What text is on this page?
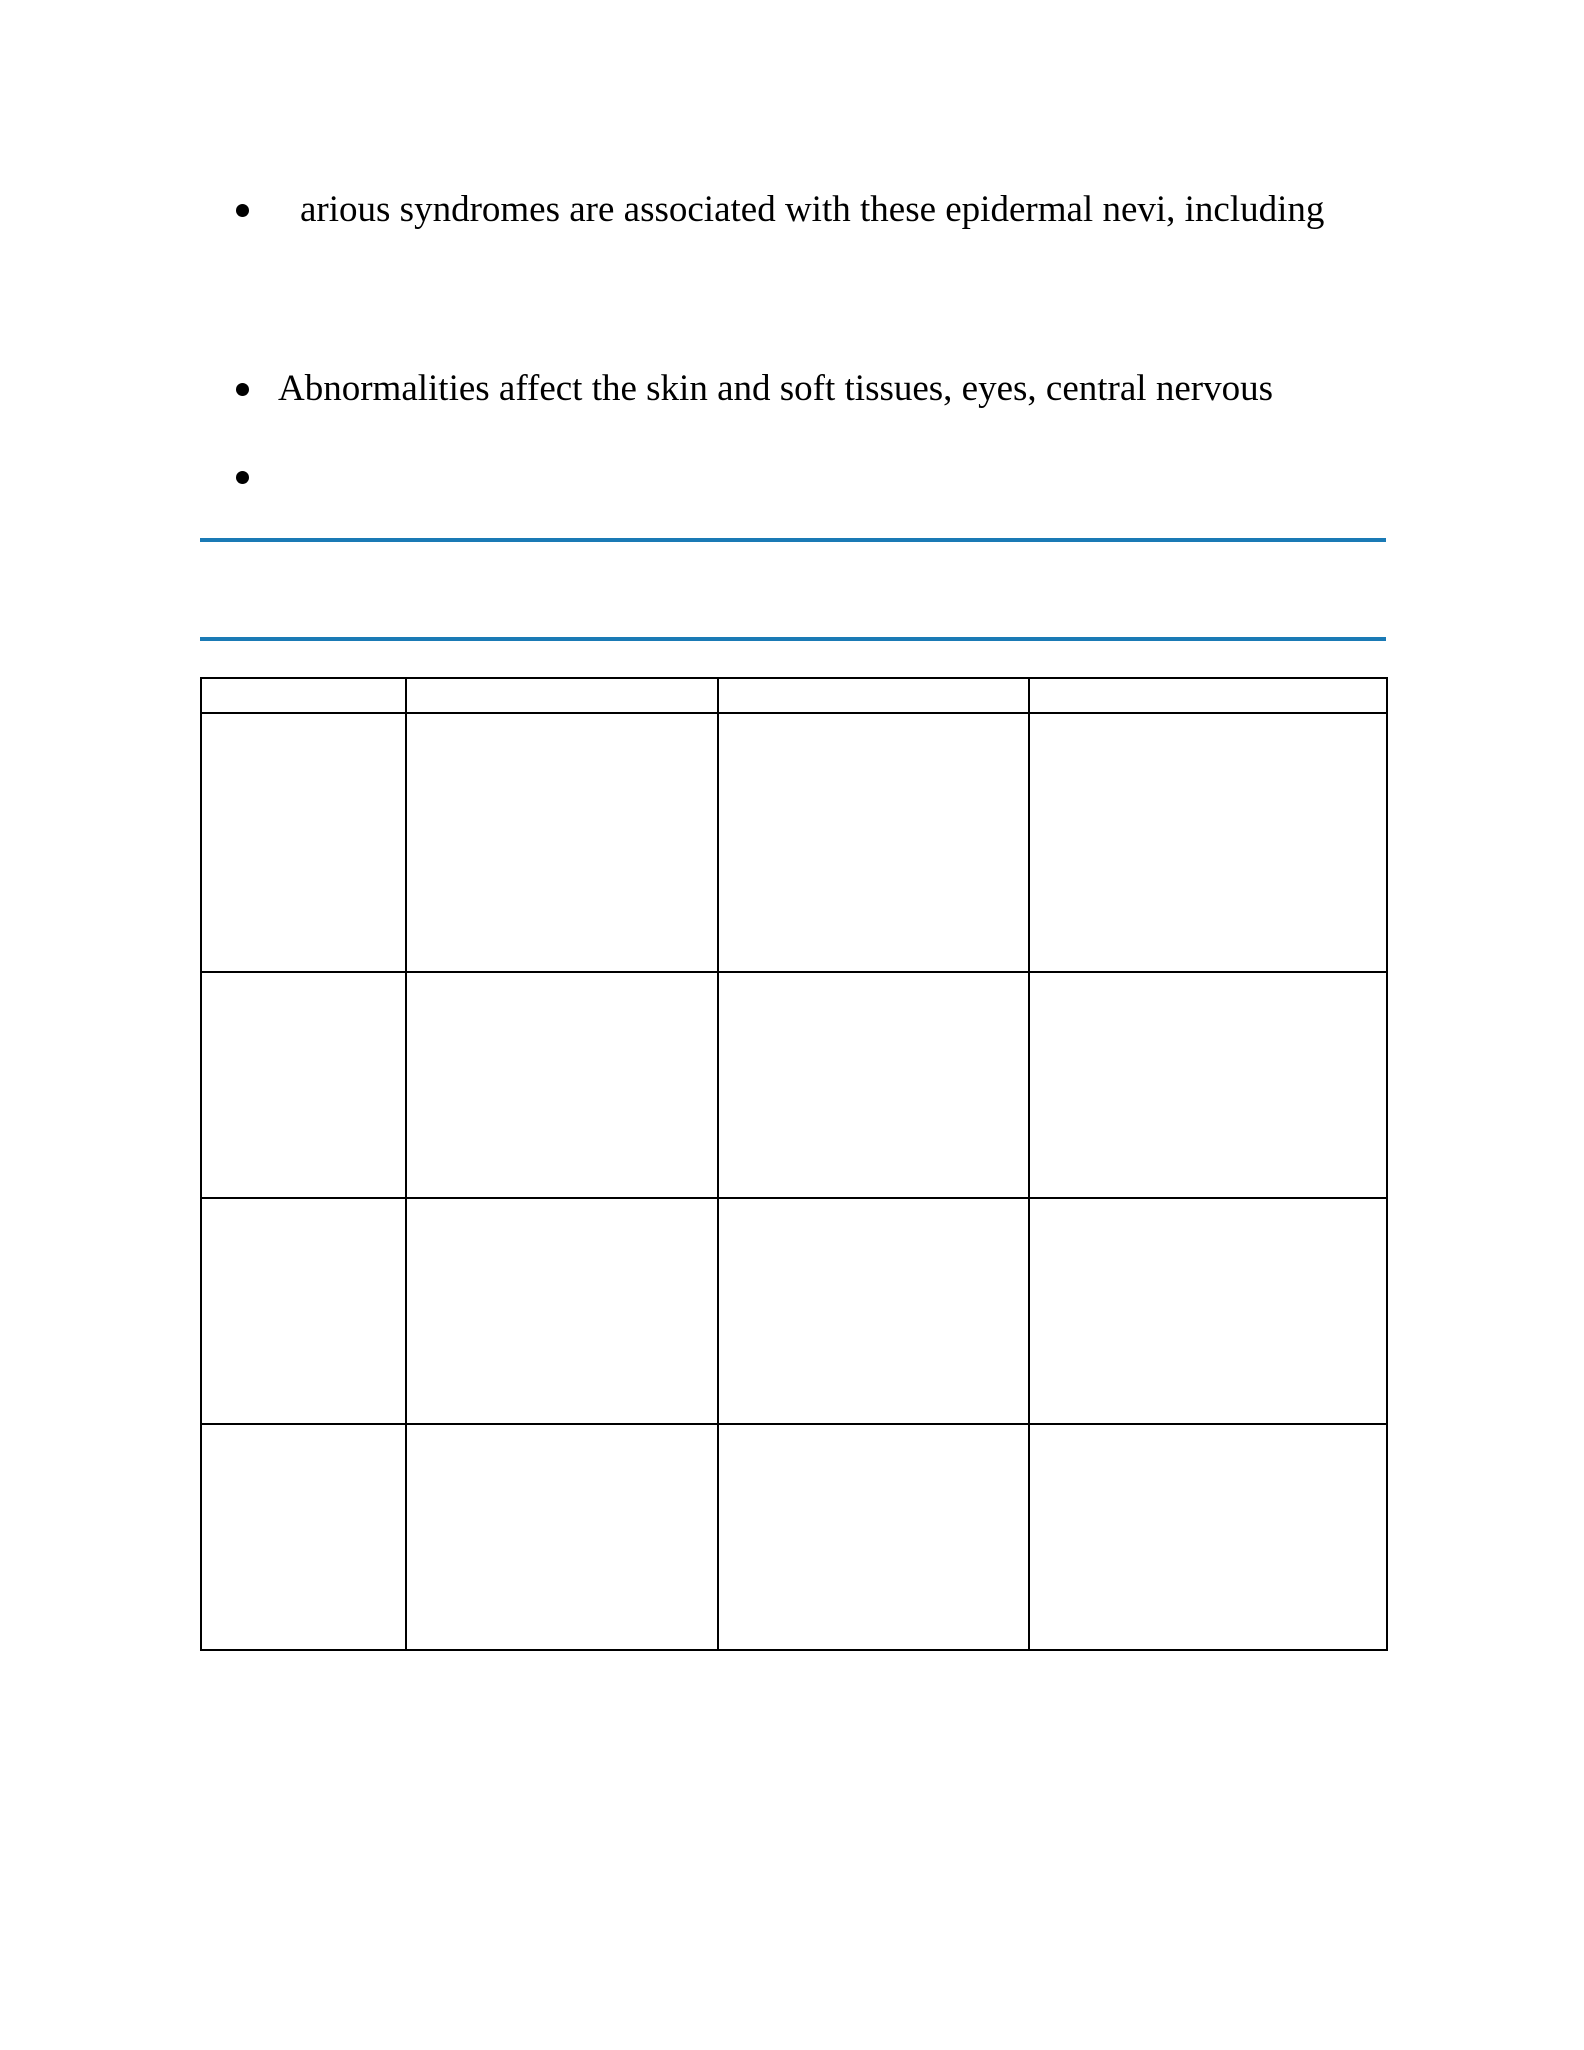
arious syndromes are associated with these epidermal nevi, including
Abnormalities affect the skin and soft tissues, eyes, central nervous
